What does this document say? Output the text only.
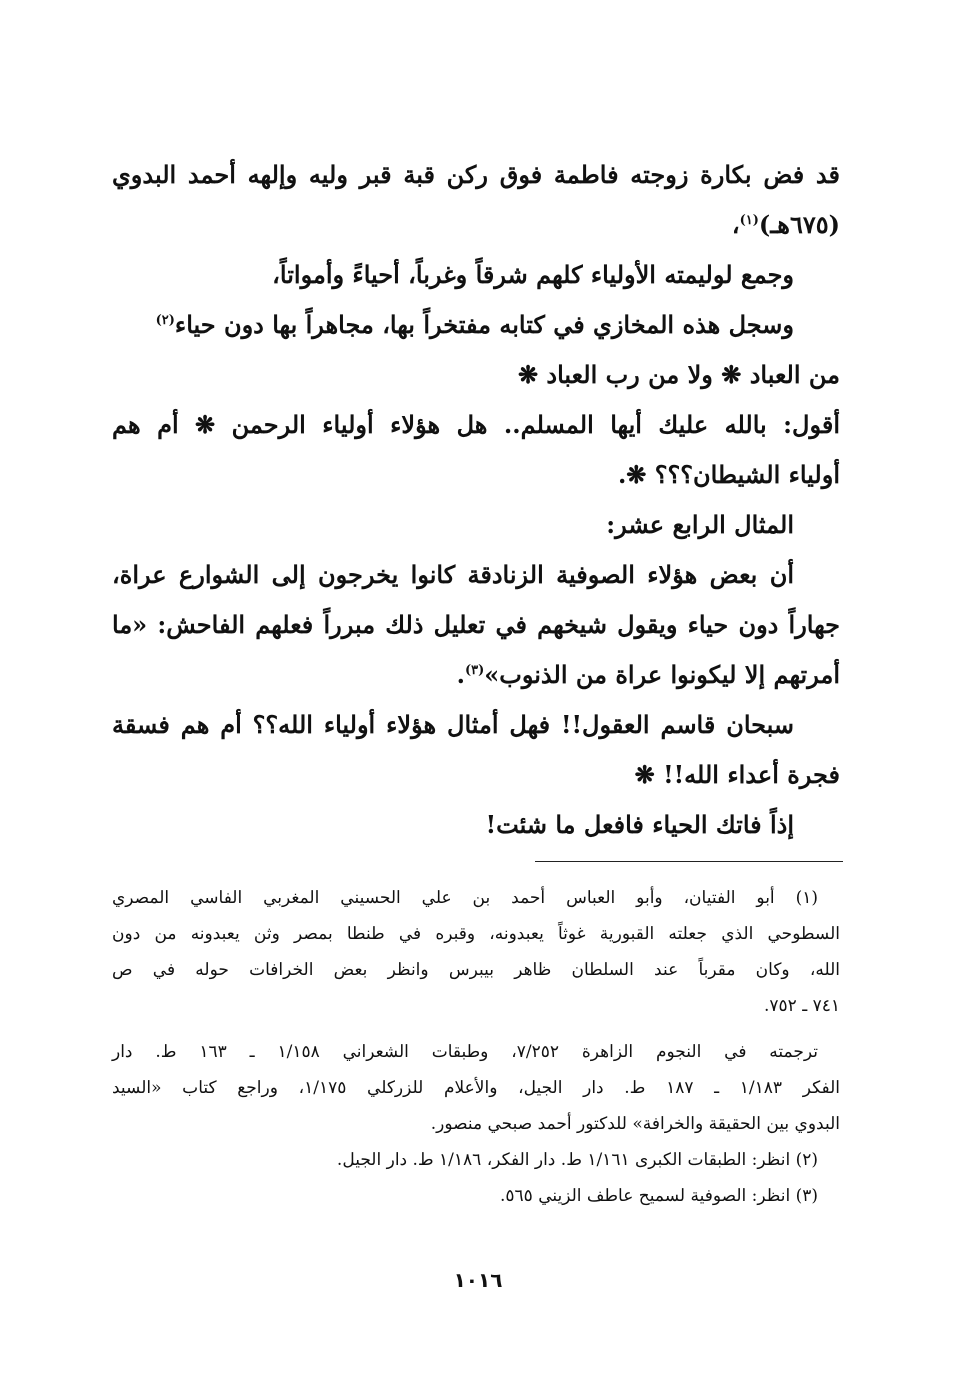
قد فض بكارة زوجته فاطمة فوق ركن قبة قبر وليه وإلهه أحمد البدوي
(٦٧٥هـ)$^{(١)}$،
وجمع لوليمته الأولياء كلهم شرقاً وغرباً، أحياءً وأمواتاً،
وسجل هذه المخازي في كتابه مفتخراً بها، مجاهراً بها دون حياء$^{(٢)}$
من العباد ❋ ولا من رب العباد ❋
أقول: بالله عليك أيها المسلم.. هل هؤلاء أولياء الرحمن ❋ أم هم
أولياء الشيطان؟؟؟ ❋.
المثال الرابع عشر:
أن بعض هؤلاء الصوفية الزنادقة كانوا يخرجون إلى الشوارع عراة،
جهاراً دون حياء ويقول شيخهم في تعليل ذلك مبرراً فعلهم الفاحش: «ما
أمرتهم إلا ليكونوا عراة من الذنوب»$^{(٣)}$.
سبحان قاسم العقول!! فهل أمثال هؤلاء أولياء الله؟؟ أم هم فسقة
فجرة أعداء الله!! ❋
إذاً فاتك الحياء فافعل ما شئت!
(١) أبو الفتيان، وأبو العباس أحمد بن علي الحسيني المغربي الفاسي المصري
السطوحي الذي جعلته القبورية غوثاً يعبدونه، وقبره في طنطا بمصر وثن يعبدونه من دون
الله، وكان مقرباً عند السلطان ظاهر بيبرس وانظر بعض الخرافات حوله في ص
٧٤١ ـ ٧٥٢.
ترجمته في النجوم الزاهرة ٧/٢٥٢، وطبقات الشعراني ١/١٥٨ ـ ١٦٣ ط. دار
الفكر ١/١٨٣ ـ ١٨٧ ط. دار الجيل، والأعلام للزركلي ١/١٧٥، وراجع كتاب «السيد
البدوي بين الحقيقة والخرافة» للدكتور أحمد صبحي منصور.
(٢) انظر: الطبقات الكبرى ١/١٦١ ط. دار الفكر، ١/١٨٦ ط. دار الجيل.
(٣) انظر: الصوفية لسميح عاطف الزيني ٥٦٥.
١٠١٦
